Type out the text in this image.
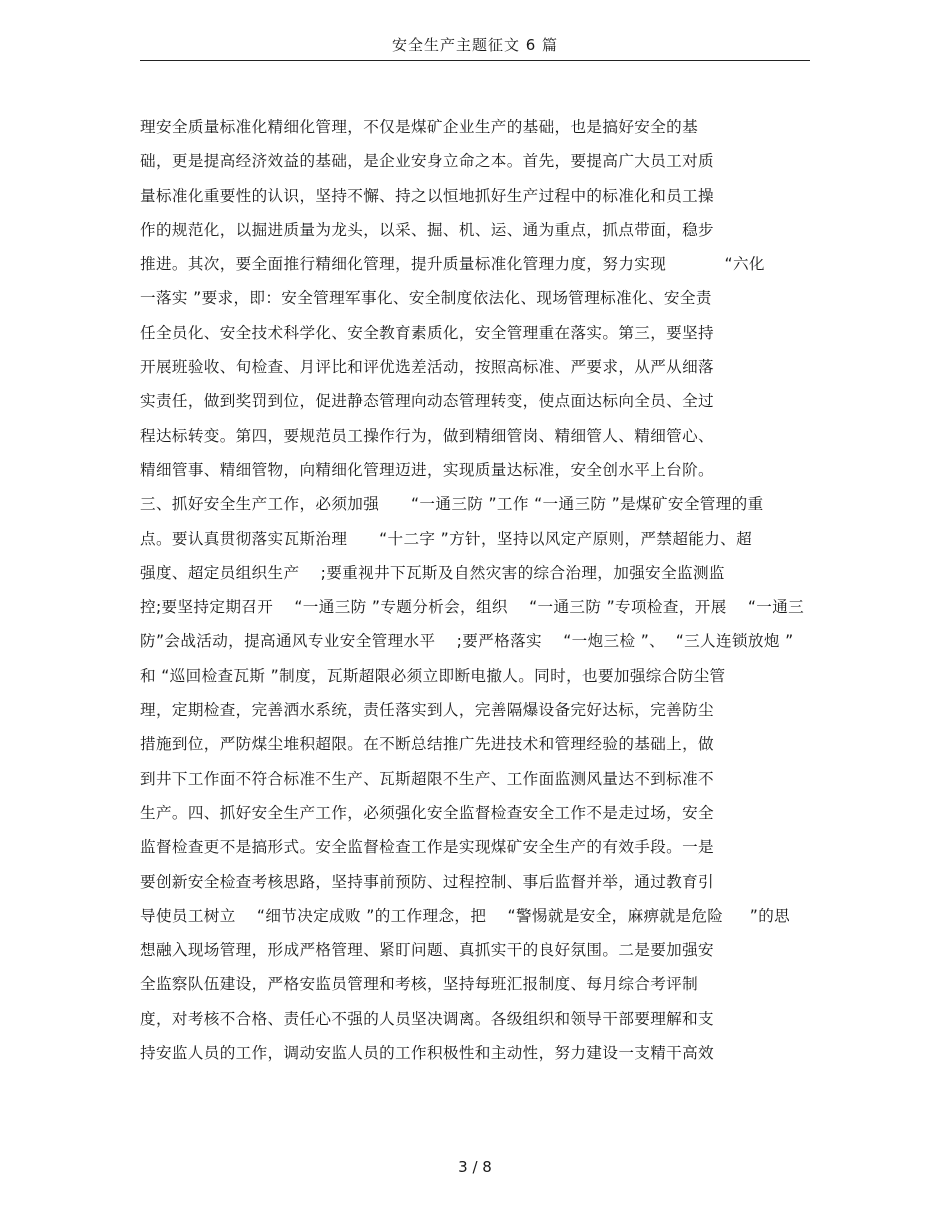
安全生产主题征文 6 篇
理安全质量标准化精细化管理，不仅是煤矿企业生产的基础，也是搞好安全的基
础，更是提高经济效益的基础，是企业安身立命之本。首先，要提高广大员工对质
量标准化重要性的认识，坚持不懈、持之以恒地抓好生产过程中的标准化和员工操
作的规范化，以掘进质量为龙头，以采、掘、机、运、通为重点，抓点带面，稳步
推进。其次，要全面推行精细化管理，提升质量标准化管理力度，努力实现           “六化
一落实 ”要求，即：安全管理军事化、安全制度依法化、现场管理标准化、安全责
任全员化、安全技术科学化、安全教育素质化，安全管理重在落实。第三，要坚持
开展班验收、旬检查、月评比和评优选差活动，按照高标准、严要求，从严从细落
实责任，做到奖罚到位，促进静态管理向动态管理转变，使点面达标向全员、全过
程达标转变。第四，要规范员工操作行为，做到精细管岗、精细管人、精细管心、
精细管事、精细管物，向精细化管理迈进，实现质量达标准，安全创水平上台阶。
三、抓好安全生产工作，必须加强      “一通三防 ”工作 “一通三防 ”是煤矿安全管理的重
点。要认真贯彻落实瓦斯治理      “十二字 ”方针，坚持以风定产原则，严禁超能力、超
强度、超定员组织生产    ;要重视井下瓦斯及自然灾害的综合治理，加强安全监测监
控;要坚持定期召开    “一通三防 ”专题分析会，组织    “一通三防 ”专项检查，开展    “一通三
防”会战活动，提高通风专业安全管理水平    ;要严格落实    “一炮三检 ”、  “三人连锁放炮 ”
和 “巡回检查瓦斯 ”制度，瓦斯超限必须立即断电撤人。同时，也要加强综合防尘管
理，定期检查，完善洒水系统，责任落实到人，完善隔爆设备完好达标，完善防尘
措施到位，严防煤尘堆积超限。在不断总结推广先进技术和管理经验的基础上，做
到井下工作面不符合标准不生产、瓦斯超限不生产、工作面监测风量达不到标准不
生产。四、抓好安全生产工作，必须强化安全监督检查安全工作不是走过场，安全
监督检查更不是搞形式。安全监督检查工作是实现煤矿安全生产的有效手段。一是
要创新安全检查考核思路，坚持事前预防、过程控制、事后监督并举，通过教育引
导使员工树立    “细节决定成败 ”的工作理念，把    “警惕就是安全，麻痹就是危险     ”的思
想融入现场管理，形成严格管理、紧盯问题、真抓实干的良好氛围。二是要加强安
全监察队伍建设，严格安监员管理和考核，坚持每班汇报制度、每月综合考评制
度，对考核不合格、责任心不强的人员坚决调离。各级组织和领导干部要理解和支
持安监人员的工作，调动安监人员的工作积极性和主动性，努力建设一支精干高效
3 / 8
